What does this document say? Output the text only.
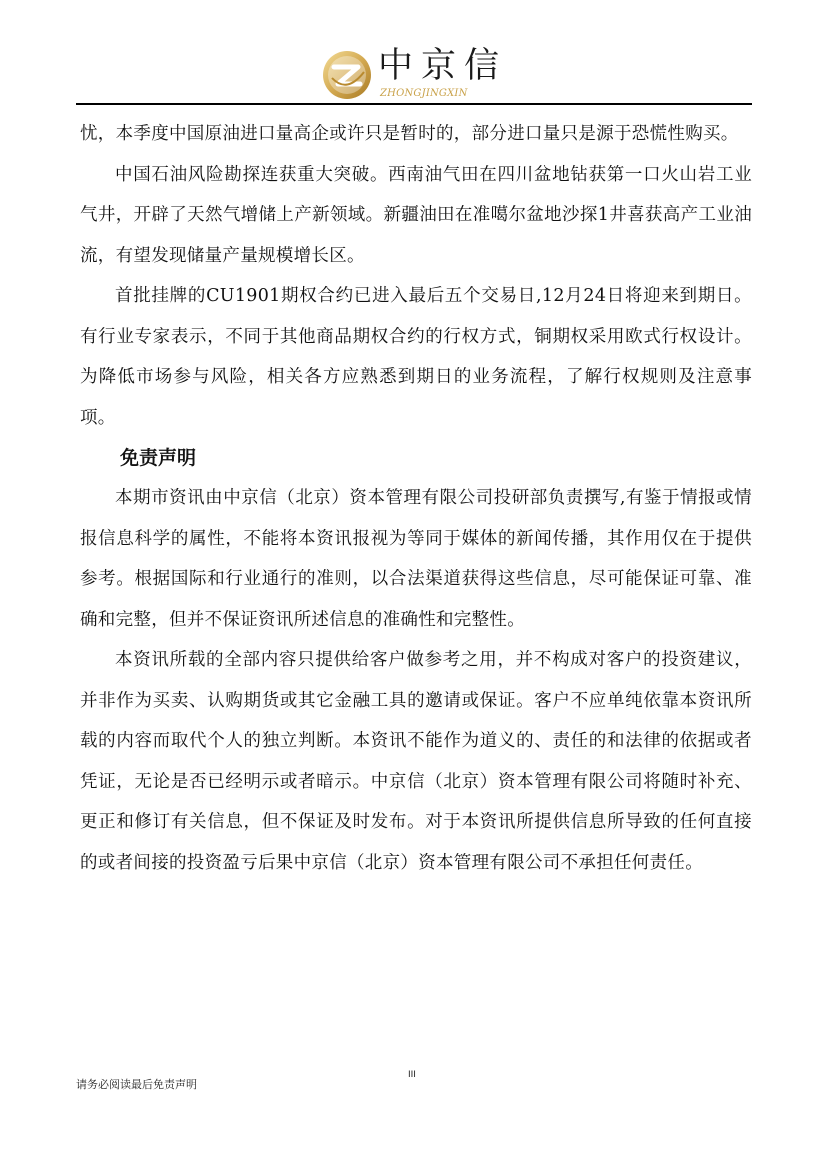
中京信
ZHONGJINGXIN

忧，本季度中国原油进口量高企或许只是暂时的，部分进口量只是源于恐慌性购买。

中国石油风险勘探连获重大突破。西南油气田在四川盆地钻获第一口火山岩工业气井，开辟了天然气增储上产新领域。新疆油田在准噶尔盆地沙探1井喜获高产工业油流，有望发现储量产量规模增长区。

首批挂牌的CU1901期权合约已进入最后五个交易日,12月24日将迎来到期日。有行业专家表示，不同于其他商品期权合约的行权方式，铜期权采用欧式行权设计。为降低市场参与风险，相关各方应熟悉到期日的业务流程，了解行权规则及注意事项。

免责声明

本期市资讯由中京信（北京）资本管理有限公司投研部负责撰写,有鉴于情报或情报信息科学的属性，不能将本资讯报视为等同于媒体的新闻传播，其作用仅在于提供参考。根据国际和行业通行的准则，以合法渠道获得这些信息，尽可能保证可靠、准确和完整，但并不保证资讯所述信息的准确性和完整性。

本资讯所载的全部内容只提供给客户做参考之用，并不构成对客户的投资建议，并非作为买卖、认购期货或其它金融工具的邀请或保证。客户不应单纯依靠本资讯所载的内容而取代个人的独立判断。本资讯不能作为道义的、责任的和法律的依据或者凭证，无论是否已经明示或者暗示。中京信（北京）资本管理有限公司将随时补充、更正和修订有关信息，但不保证及时发布。对于本资讯所提供信息所导致的任何直接的或者间接的投资盈亏后果中京信（北京）资本管理有限公司不承担任何责任。

请务必阅读最后免责声明
III
